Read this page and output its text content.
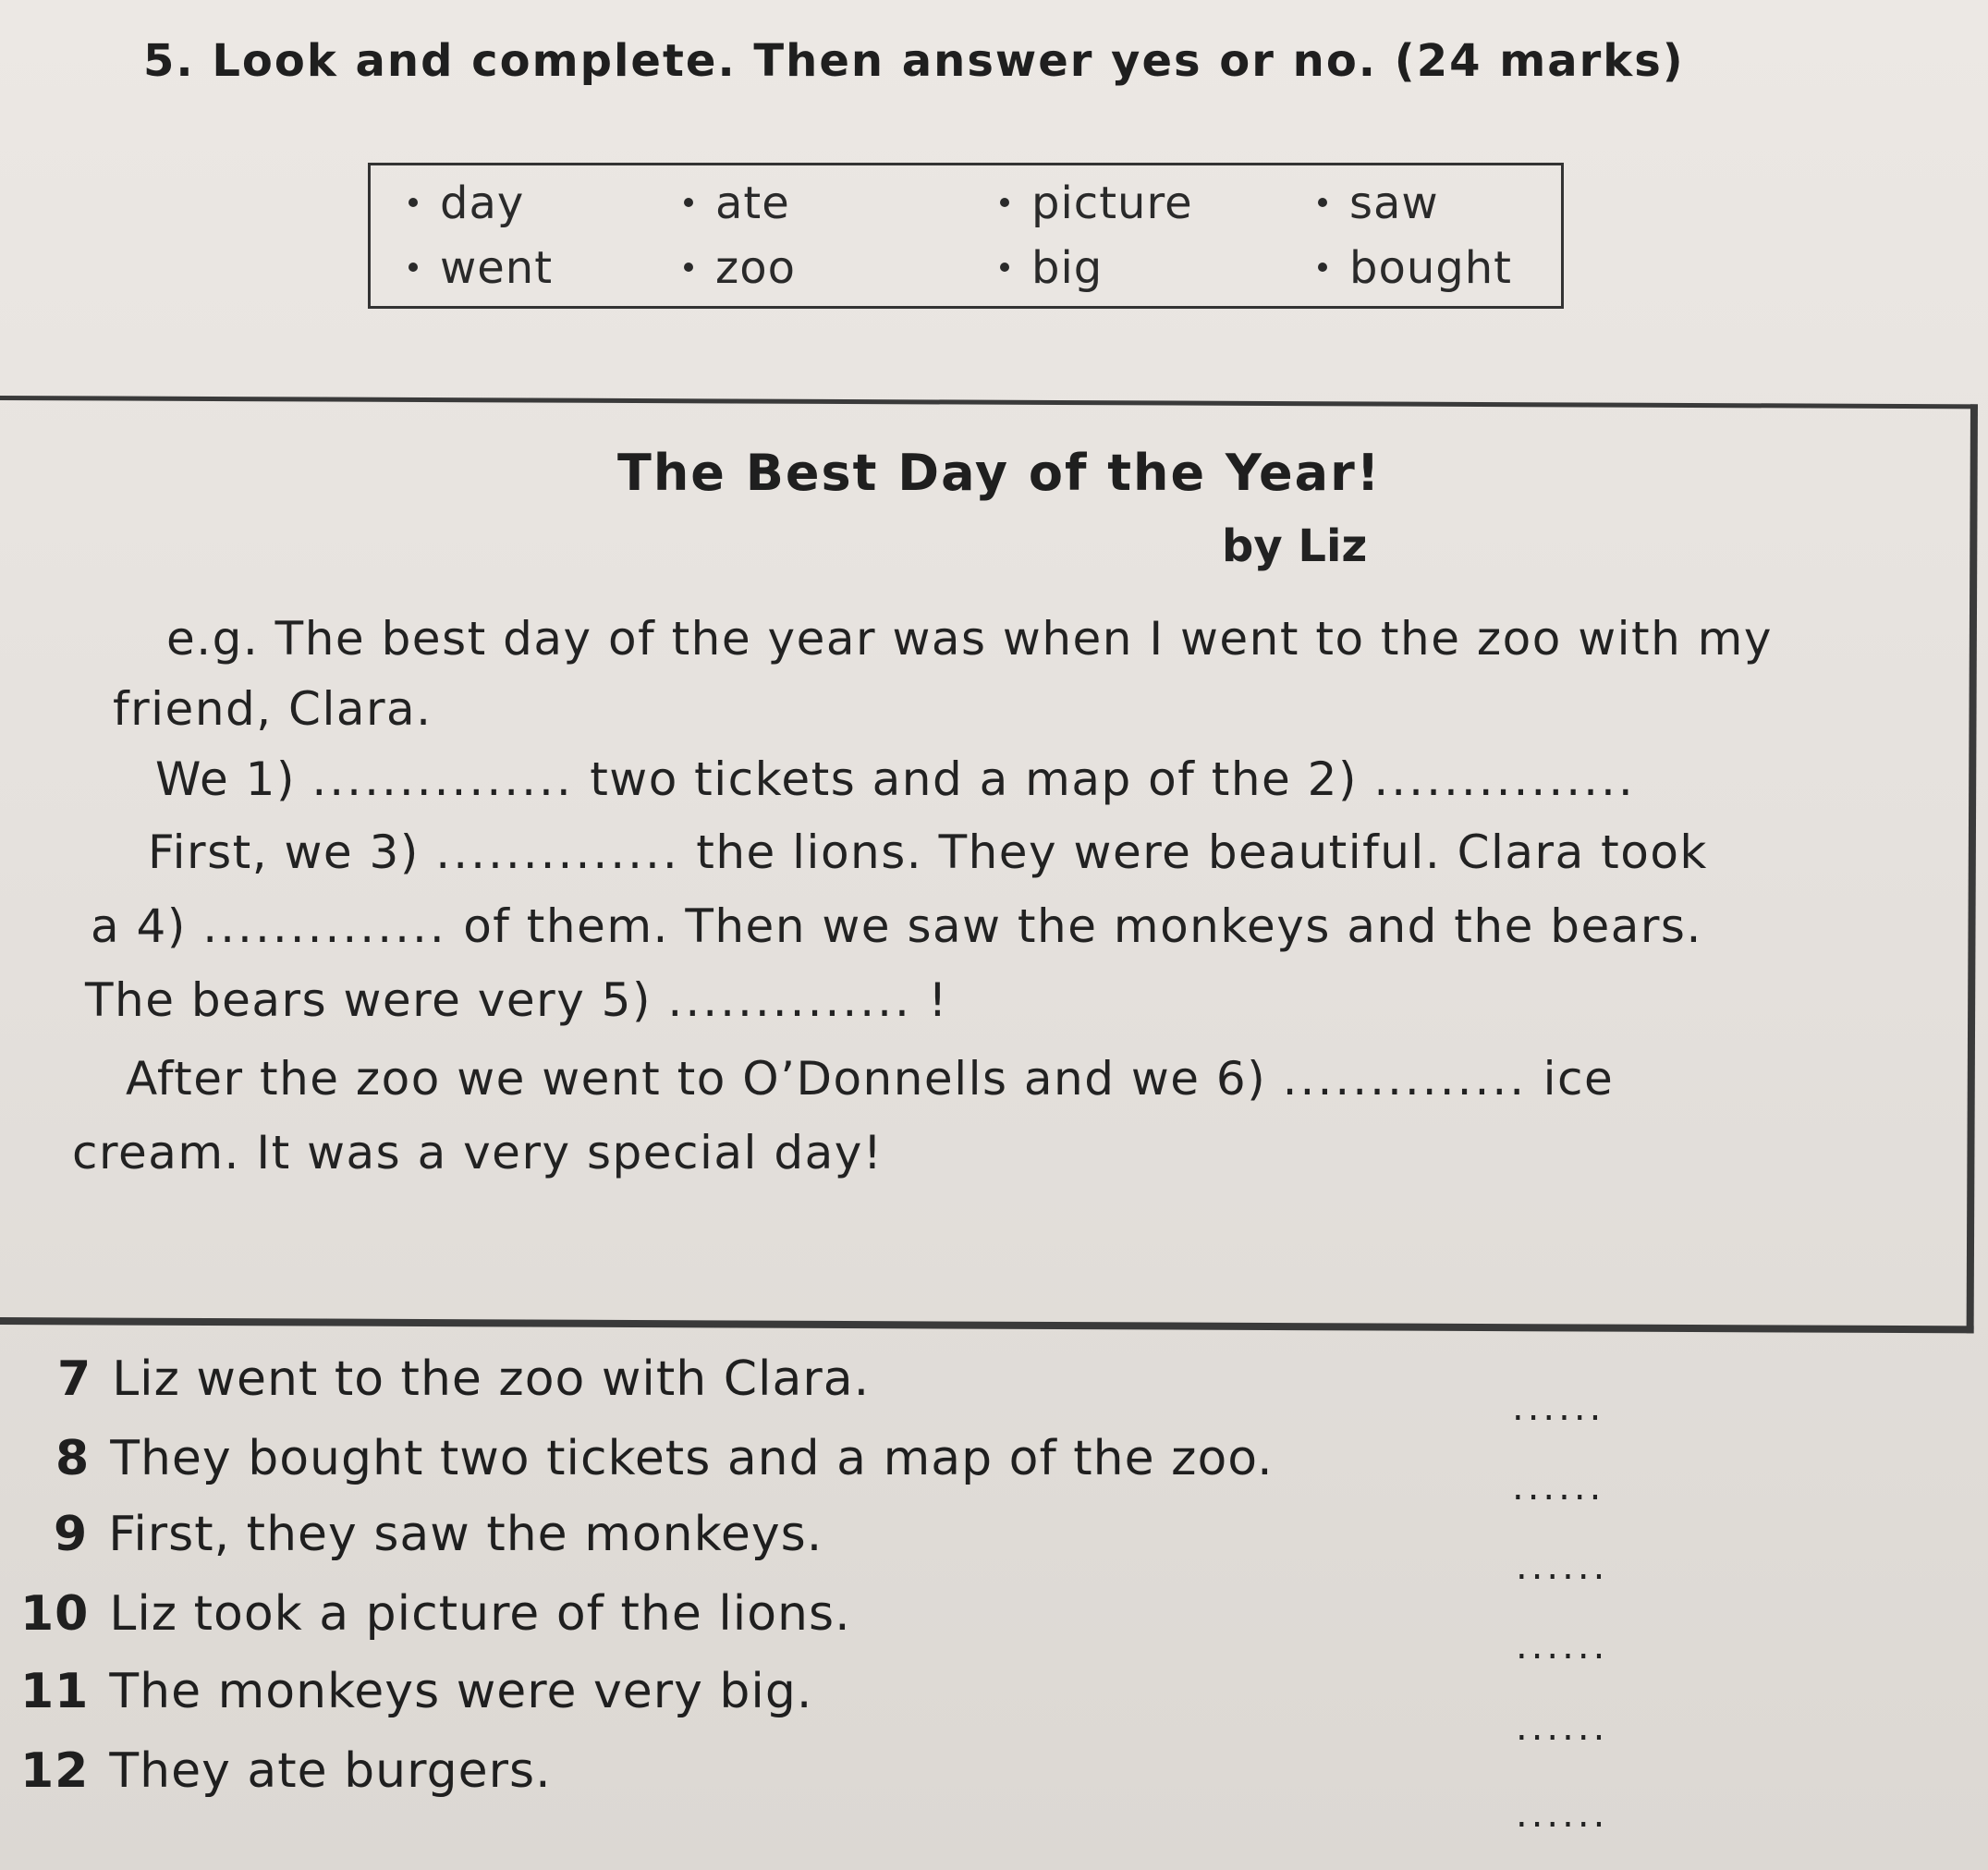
5. Look and complete. Then answer yes or no. (24 marks)
day	ate	picture	saw
went	zoo	big	bought
The Best Day of the Year!
by Liz
e.g. The best day of the year was when I went to the zoo with my
friend, Clara.
We 1) ............... two tickets and a map of the 2) ...............
First, we 3) .............. the lions. They were beautiful. Clara took
a 4) .............. of them. Then we saw the monkeys and the bears.
The bears were very 5) .............. !
After the zoo we went to O’Donnells and we 6) .............. ice
cream. It was a very special day!
7 Liz went to the zoo with Clara.
......
8 They bought two tickets and a map of the zoo.
......
9 First, they saw the monkeys.
......
10 Liz took a picture of the lions.
......
11 The monkeys were very big.
......
12 They ate burgers.
......
